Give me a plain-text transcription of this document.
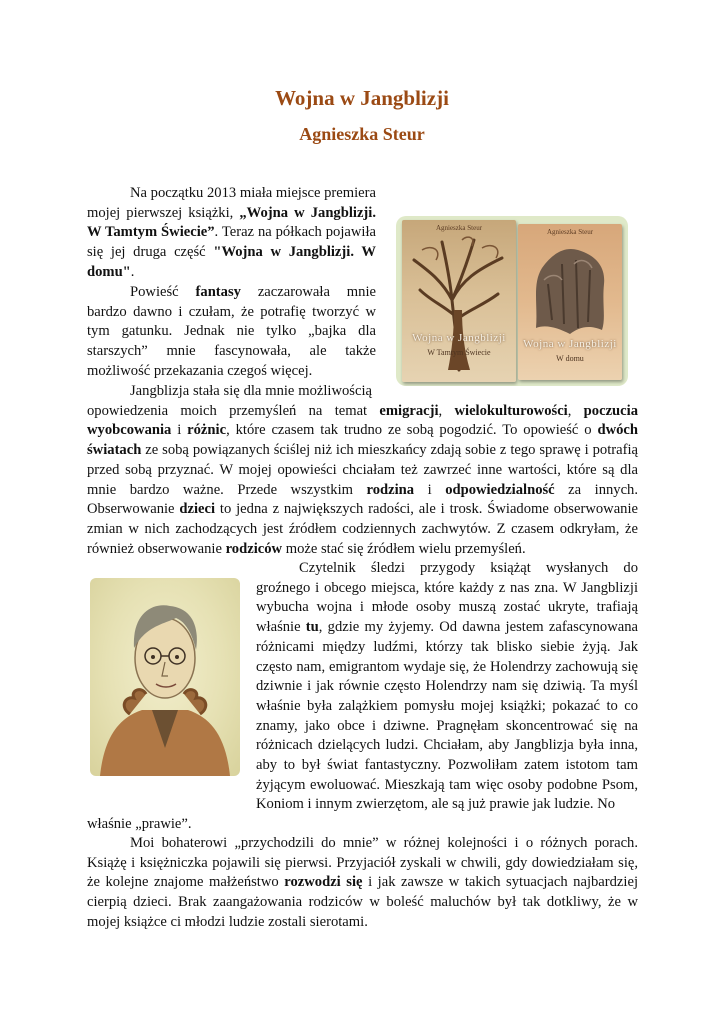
Wojna w Jangblizji
Agnieszka Steur

Na początku 2013 miała miejsce premiera mojej pierwszej książki, „Wojna w Jangblizji. W Tamtym Świecie”. Teraz na półkach pojawiła się jej druga część "Wojna w Jangblizji. W domu".

Powieść fantasy zaczarowała mnie bardzo dawno i czułam, że potrafię tworzyć w tym gatunku. Jednak nie tylko „bajka dla starszych” mnie fascynowała, ale także możliwość przekazania czegoś więcej.

Agnieszka Steur
Wojna w Jangblizji
W Tamtym Świecie
Agnieszka Steur
Wojna w Jangblizji
W domu

Jangblizja stała się dla mnie możliwością opowiedzenia moich przemyśleń na temat emigracji, wielokulturowości, poczucia wyobcowania i różnic, które czasem tak trudno ze sobą pogodzić. To opowieść o dwóch światach ze sobą powiązanych ściślej niż ich mieszkańcy zdają sobie z tego sprawę i potrafią przed sobą przyznać. W mojej opowieści chciałam też zawrzeć inne wartości, które są dla mnie bardzo ważne. Przede wszystkim rodzina i odpowiedzialność za innych. Obserwowanie dzieci to jedna z największych radości, ale i trosk. Świadome obserwowanie zmian w nich zachodzących jest źródłem codziennych zachwytów. Z czasem odkryłam, że również obserwowanie rodziców może stać się źródłem wielu przemyśleń.

Czytelnik śledzi przygody książąt wysłanych do groźnego i obcego miejsca, które każdy z nas zna. W Jangblizji wybucha wojna i młode osoby muszą zostać ukryte, trafiają właśnie tu, gdzie my żyjemy. Od dawna jestem zafascynowana różnicami między ludźmi, którzy tak blisko siebie żyją. Jak często nam, emigrantom wydaje się, że Holendrzy zachowują się dziwnie i jak równie często Holendrzy nam się dziwią. Ta myśl właśnie była zalążkiem pomysłu mojej książki; pokazać to co znamy, jako obce i dziwne. Pragnęłam skoncentrować się na różnicach dzielących ludzi. Chciałam, aby Jangblizja była inna, aby to był świat fantastyczny. Pozwoliłam zatem istotom tam żyjącym ewoluować. Mieszkają tam więc osoby podobne Psom, Koniom i innym zwierzętom, ale są już prawie jak ludzie. No

właśnie „prawie”.

Moi bohaterowi „przychodzili do mnie” w różnej kolejności i o różnych porach. Książę i księżniczka pojawili się pierwsi. Przyjaciół zyskali w chwili, gdy dowiedziałam się, że kolejne znajome małżeństwo rozwodzi się i jak zawsze w takich sytuacjach najbardziej cierpią dzieci. Brak zaangażowania rodziców w boleść maluchów był tak dotkliwy, że w mojej książce ci młodzi ludzie zostali sierotami.
